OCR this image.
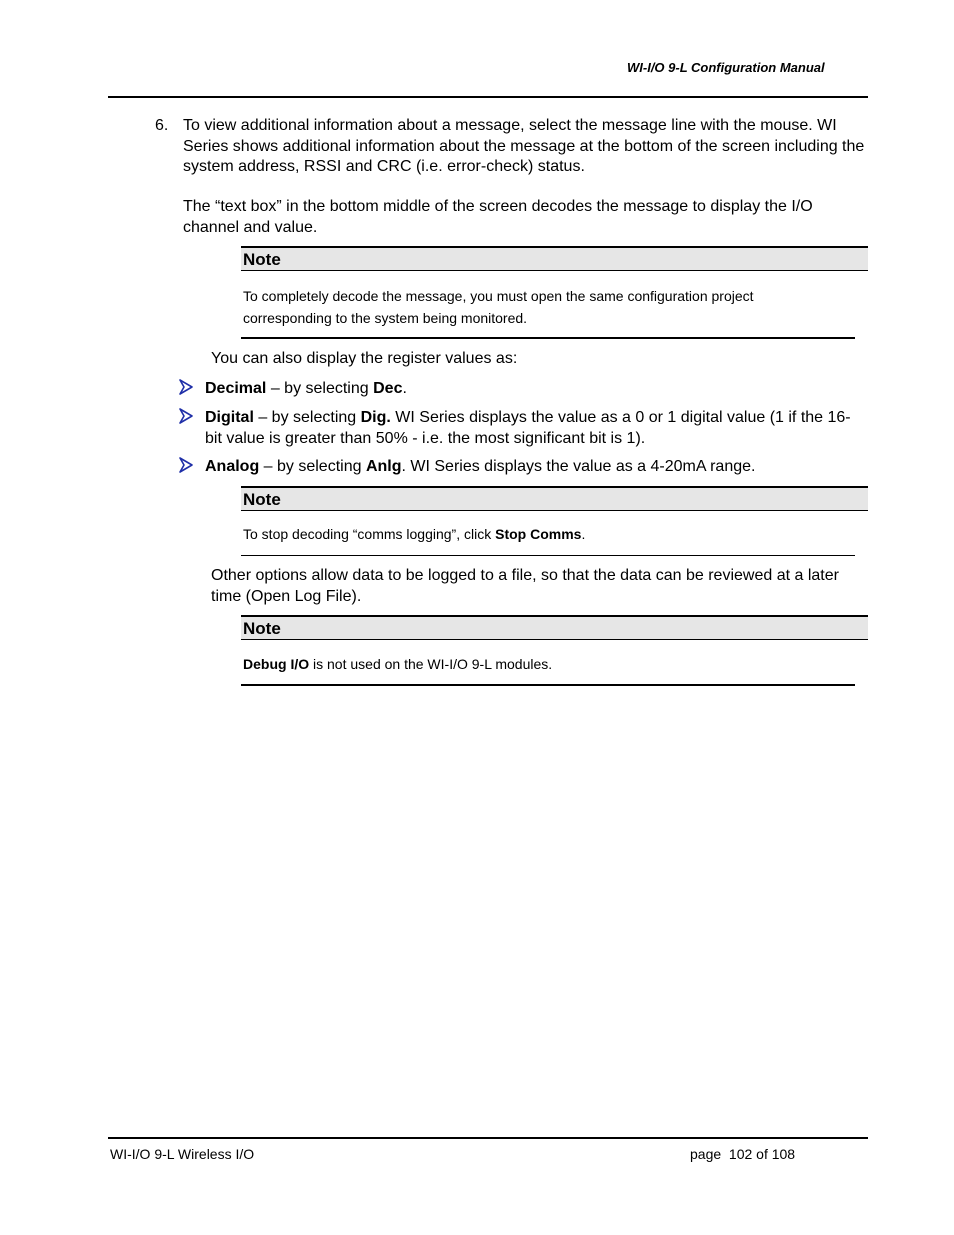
WI-I/O 9-L Configuration Manual
6. To view additional information about a message, select the message line with the mouse. WI Series shows additional information about the message at the bottom of the screen including the system address, RSSI and CRC (i.e. error-check) status.
The “text box” in the bottom middle of the screen decodes the message to display the I/O channel and value.
Note
To completely decode the message, you must open the same configuration project
corresponding to the system being monitored.
You can also display the register values as:
Decimal – by selecting Dec.
Digital – by selecting Dig. WI Series displays the value as a 0 or 1 digital value (1 if the 16-bit value is greater than 50% - i.e. the most significant bit is 1).
Analog – by selecting Anlg. WI Series displays the value as a 4-20mA range.
Note
To stop decoding “comms logging”, click Stop Comms.
Other options allow data to be logged to a file, so that the data can be reviewed at a later time (Open Log File).
Note
Debug I/O is not used on the WI-I/O 9-L modules.
WI-I/O 9-L Wireless I/O	page  102 of 108
